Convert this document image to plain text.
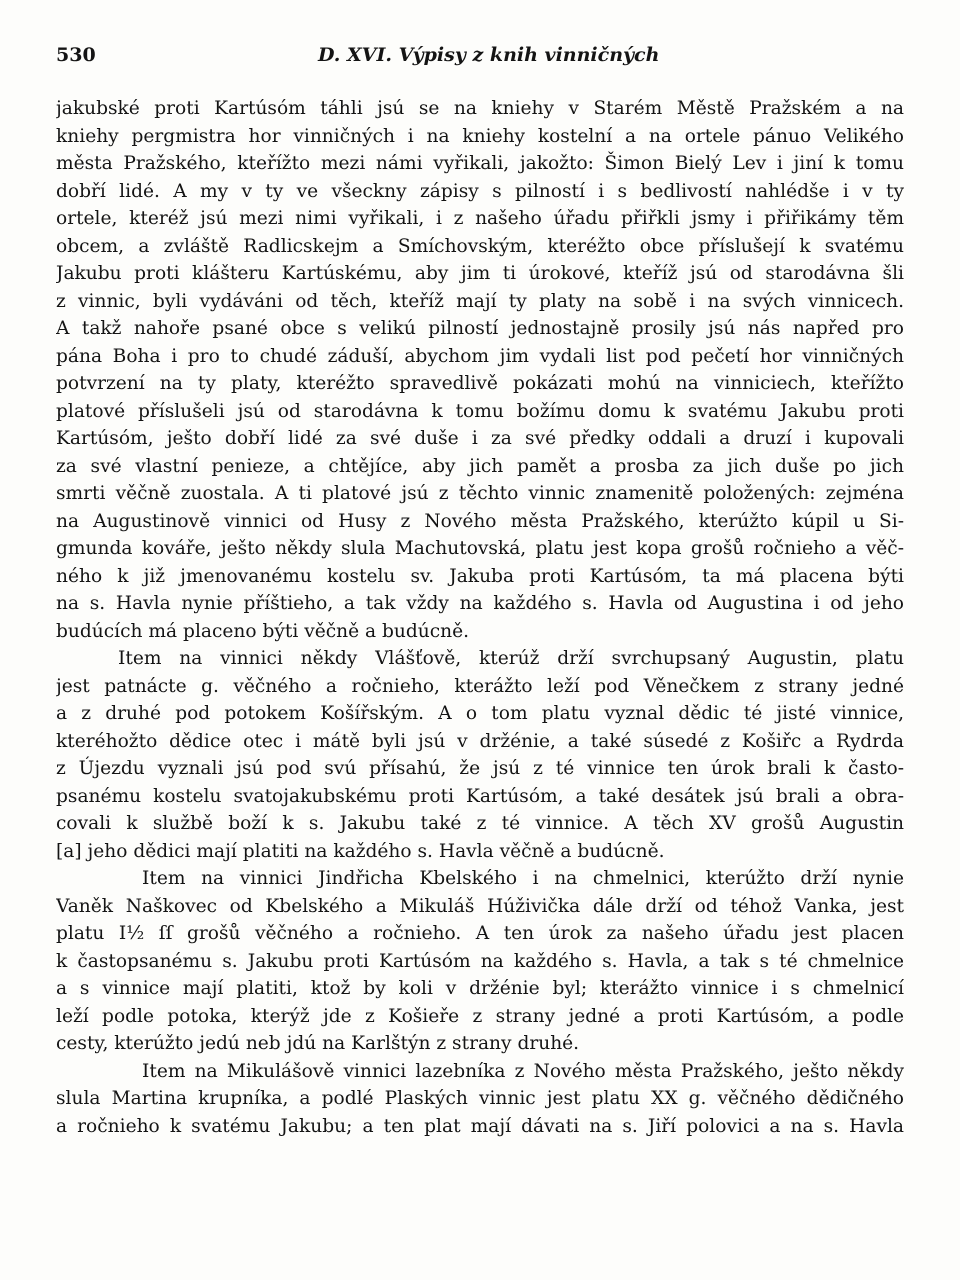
530	D. XVI. Výpisy z knih vinničných
jakubské proti Kartúsóm táhli jsú se na kniehy v Starém Městě Pražském a na
kniehy pergmistra hor vinničných i na kniehy kostelní a na ortele pánuo Velikého
města Pražského, kteřížto mezi námi vyřikali, jakožto: Šimon Bielý Lev i jiní k tomu
dobří lidé. A my v ty ve všeckny zápisy s pilností i s bedlivostí nahlédše i v ty
ortele, kteréž jsú mezi nimi vyřikali, i z našeho úřadu přiřkli jsmy i přiřikámy těm
obcem, a zvláště Radlicskejm a Smíchovským, kteréžto obce příslušejí k svatému
Jakubu proti klášteru Kartúskému, aby jim ti úrokové, kteříž jsú od starodávna šli
z vinnic, byli vydáváni od těch, kteříž mají ty platy na sobě i na svých vinnicech.
A takž nahoře psané obce s velikú pilností jednostajně prosily jsú nás napřed pro
pána Boha i pro to chudé záduší, abychom jim vydali list pod pečetí hor vinničných
potvrzení na ty platy, kteréžto spravedlivě pokázati mohú na vinniciech, kteřížto
platové příslušeli jsú od starodávna k tomu božímu domu k svatému Jakubu proti
Kartúsóm, ješto dobří lidé za své duše i za své předky oddali a druzí i kupovali
za své vlastní penieze, a chtějíce, aby jich pamět a prosba za jich duše po jich
smrti věčně zuostala. A ti platové jsú z těchto vinnic znamenitě položených: zejména
na Augustinově vinnici od Husy z Nového města Pražského, kterúžto kúpil u Si-
gmunda kováře, ješto někdy slula Machutovská, platu jest kopa grošů ročnieho a věč-
ného k již jmenovanému kostelu sv. Jakuba proti Kartúsóm, ta má placena býti
na s. Havla nynie příštieho, a tak vždy na každého s. Havla od Augustina i od jeho
budúcích má placeno býti věčně a budúcně.
Item na vinnici někdy Vlášťově, kterúž drží svrchupsaný Augustin, platu
jest patnácte g. věčného a ročnieho, kterážto leží pod Věnečkem z strany jedné
a z druhé pod potokem Košířským. A o tom platu vyznal dědic té jisté vinnice,
kteréhožto dědice otec i mátě byli jsú v držénie, a také súsedé z Košiřc a Rydrda
z Újezdu vyznali jsú pod svú přísahú, že jsú z té vinnice ten úrok brali k často-
psanému kostelu svatojakubskému proti Kartúsóm, a také desátek jsú brali a obra-
covali k službě boží k s. Jakubu také z té vinnice. A těch XV grošů Augustin
[a] jeho dědici mají platiti na každého s. Havla věčně a budúcně.
Item na vinnici Jindřicha Kbelského i na chmelnici, kterúžto drží nynie
Vaněk Naškovec od Kbelského a Mikuláš Húživička dále drží od téhož Vanka, jest
platu I½ ſſ grošů věčného a ročnieho. A ten úrok za našeho úřadu jest placen
k častopsanému s. Jakubu proti Kartúsóm na každého s. Havla, a tak s té chmelnice
a s vinnice mají platiti, ktož by koli v držénie byl; kterážto vinnice i s chmelnicí
leží podle potoka, kterýž jde z Košieře z strany jedné a proti Kartúsóm, a podle
cesty, kterúžto jedú neb jdú na Karlštýn z strany druhé.
Item na Mikulášově vinnici lazebníka z Nového města Pražského, ješto někdy
slula Martina krupníka, a podlé Plaských vinnic jest platu XX g. věčného dědičného
a ročnieho k svatému Jakubu; a ten plat mají dávati na s. Jiří polovici a na s. Havla
